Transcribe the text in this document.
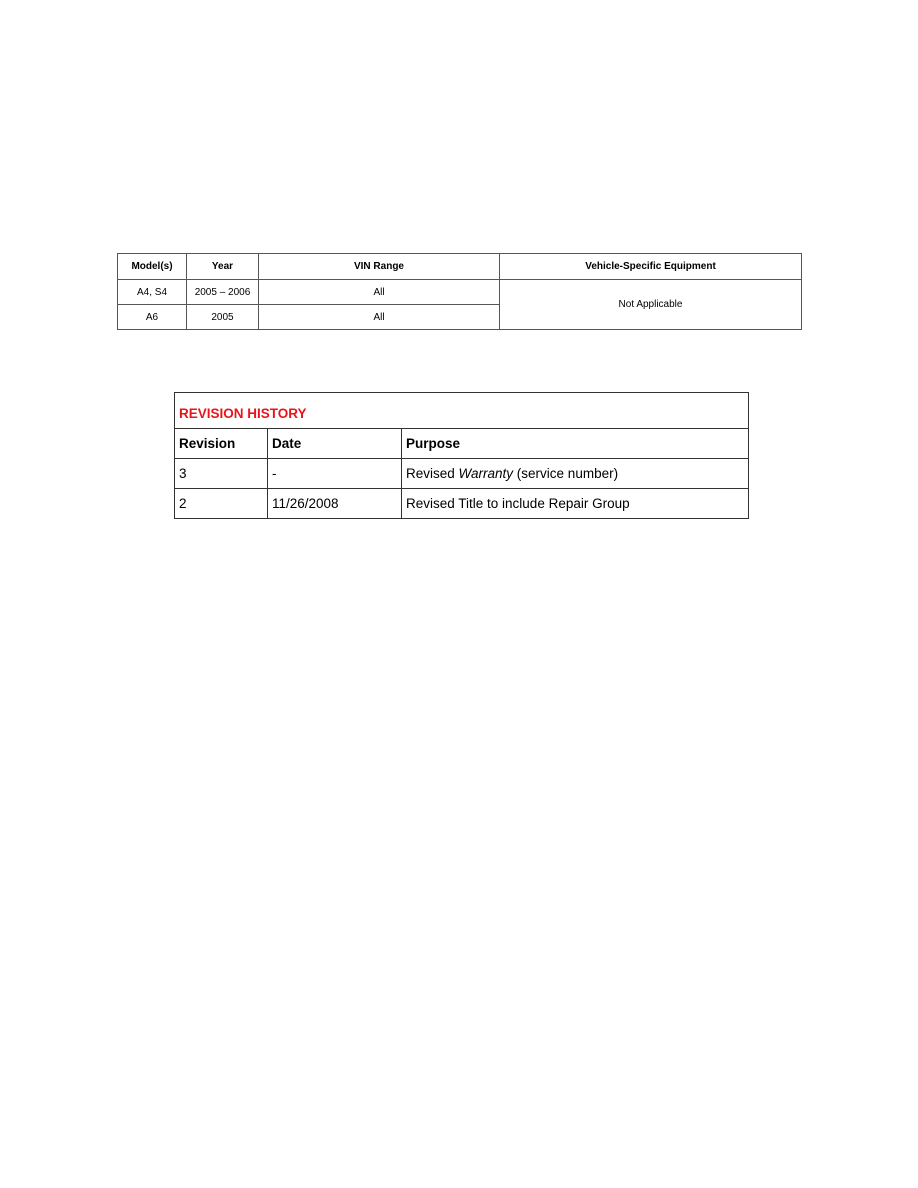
Model(s)	Year	VIN Range	Vehicle-Specific Equipment
A4, S4	2005 – 2006	All	Not Applicable
A6	2005	All	
REVISION HISTORY		
Revision	Date	Purpose
3	-	Revised Warranty (service number)
2	11/26/2008	Revised Title to include Repair Group
